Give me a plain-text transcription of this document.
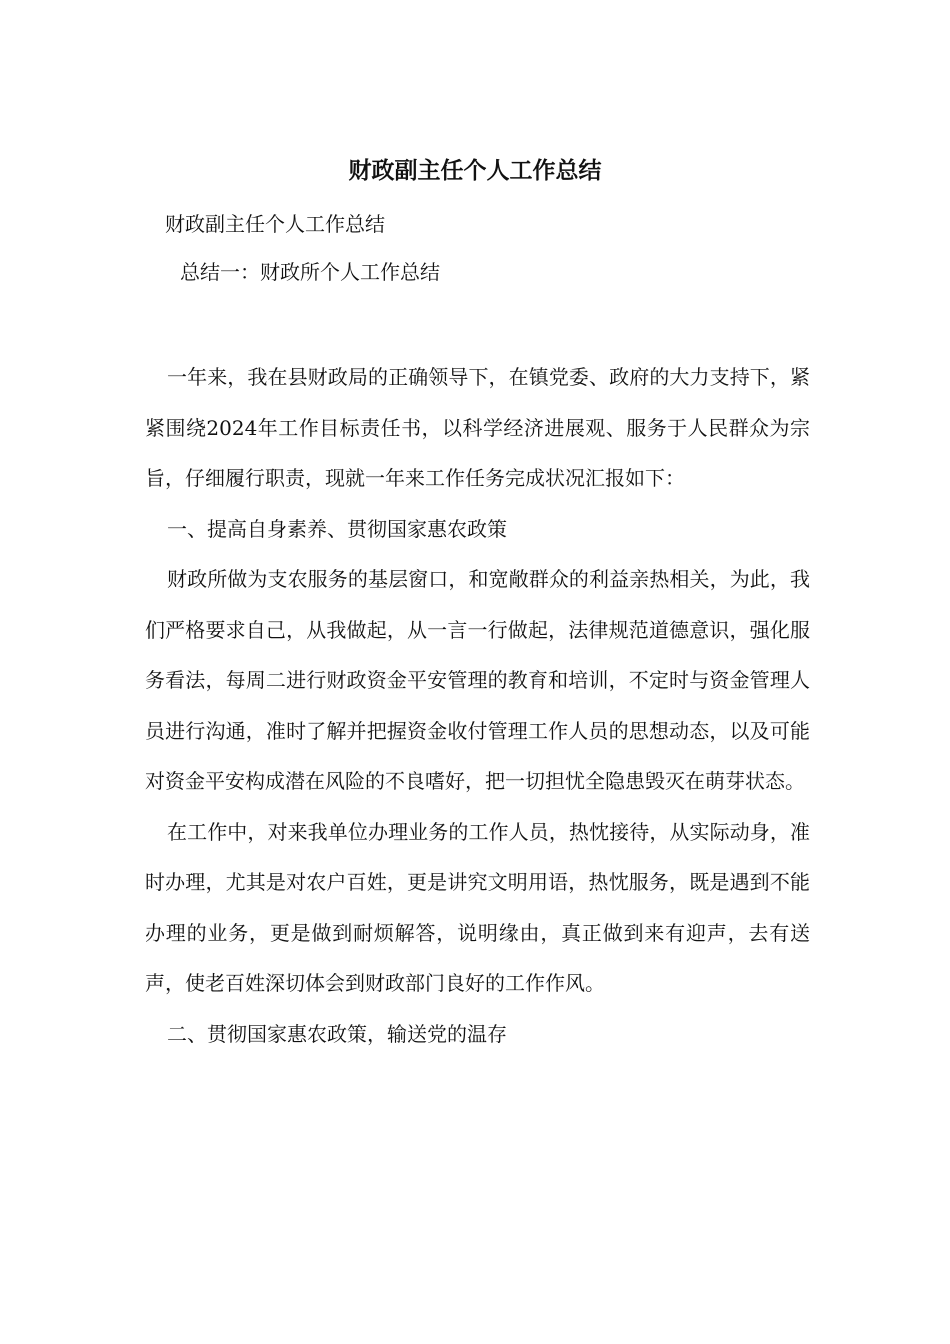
财政副主任个人工作总结
财政副主任个人工作总结
总结一：财政所个人工作总结

一年来，我在县财政局的正确领导下，在镇党委、政府的大力支持下，紧紧围绕2024年工作目标责任书，以科学经济进展观、服务于人民群众为宗旨，仔细履行职责，现就一年来工作任务完成状况汇报如下：

一、提高自身素养、贯彻国家惠农政策

财政所做为支农服务的基层窗口，和宽敞群众的利益亲热相关，为此，我们严格要求自己，从我做起，从一言一行做起，法律规范道德意识，强化服务看法，每周二进行财政资金平安管理的教育和培训，不定时与资金管理人员进行沟通，准时了解并把握资金收付管理工作人员的思想动态，以及可能对资金平安构成潜在风险的不良嗜好，把一切担忧全隐患毁灭在萌芽状态。

在工作中，对来我单位办理业务的工作人员，热忱接待，从实际动身，准时办理，尤其是对农户百姓，更是讲究文明用语，热忱服务，既是遇到不能办理的业务，更是做到耐烦解答，说明缘由，真正做到来有迎声，去有送声，使老百姓深切体会到财政部门良好的工作作风。

二、贯彻国家惠农政策，输送党的温存
